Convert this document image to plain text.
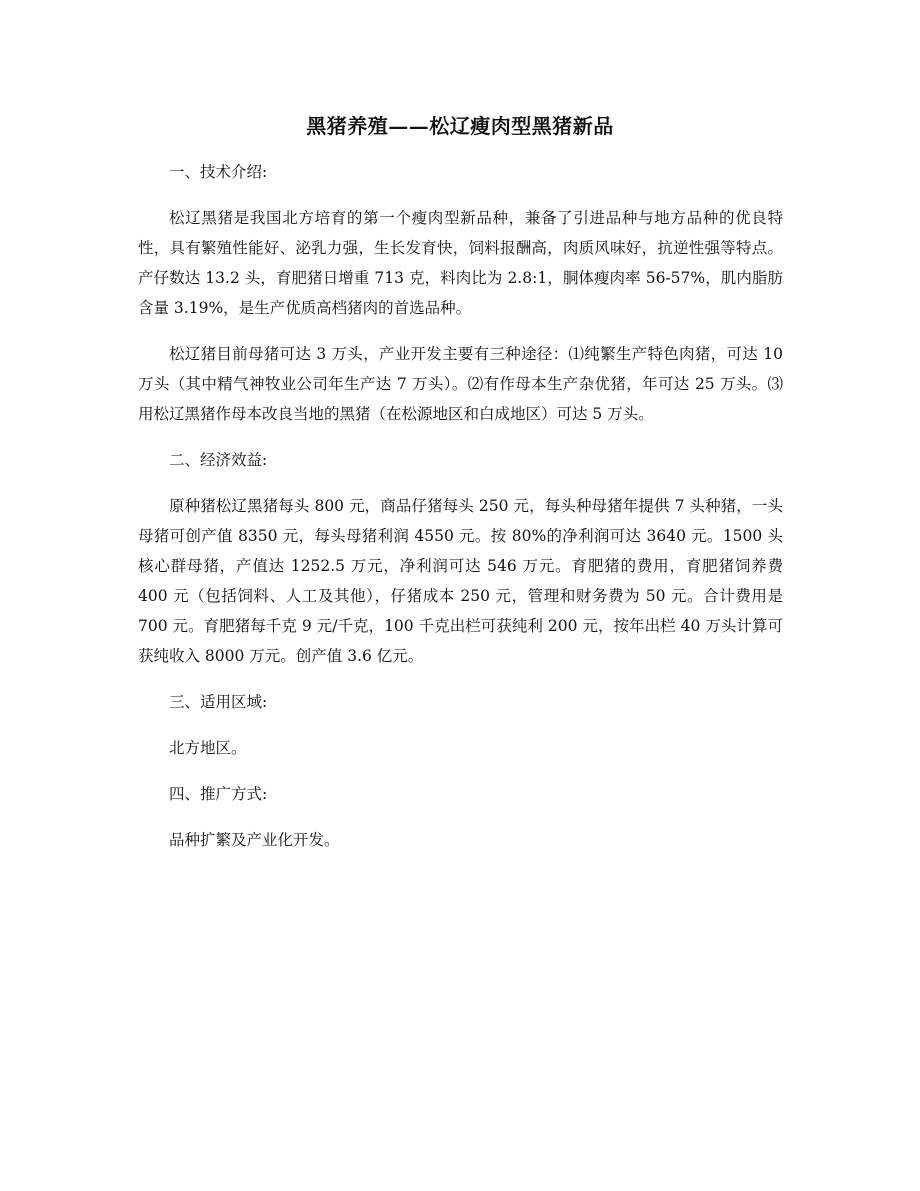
黑猪养殖——松辽瘦肉型黑猪新品
一、技术介绍:

松辽黑猪是我国北方培育的第一个瘦肉型新品种，兼备了引进品种与地方品种的优良特性，具有繁殖性能好、泌乳力强，生长发育快，饲料报酬高，肉质风味好，抗逆性强等特点。产仔数达 13.2 头，育肥猪日增重 713 克，料肉比为 2.8:1，胴体瘦肉率 56-57%，肌内脂肪含量 3.19%，是生产优质高档猪肉的首选品种。

松辽猪目前母猪可达 3 万头，产业开发主要有三种途径：⑴纯繁生产特色肉猪，可达 10 万头（其中精气神牧业公司年生产达 7 万头）。⑵有作母本生产杂优猪，年可达 25 万头。⑶用松辽黑猪作母本改良当地的黑猪（在松源地区和白成地区）可达 5 万头。

二、经济效益:

原种猪松辽黑猪每头 800 元，商品仔猪每头 250 元，每头种母猪年提供 7 头种猪，一头母猪可创产值 8350 元，每头母猪利润 4550 元。按 80%的净利润可达 3640 元。1500 头核心群母猪，产值达 1252.5 万元，净利润可达 546 万元。育肥猪的费用，育肥猪饲养费 400 元（包括饲料、人工及其他），仔猪成本 250 元，管理和财务费为 50 元。合计费用是 700 元。育肥猪每千克 9 元/千克，100 千克出栏可获纯利 200 元，按年出栏 40 万头计算可获纯收入 8000 万元。创产值 3.6 亿元。

三、适用区域:

北方地区。

四、推广方式:

品种扩繁及产业化开发。
